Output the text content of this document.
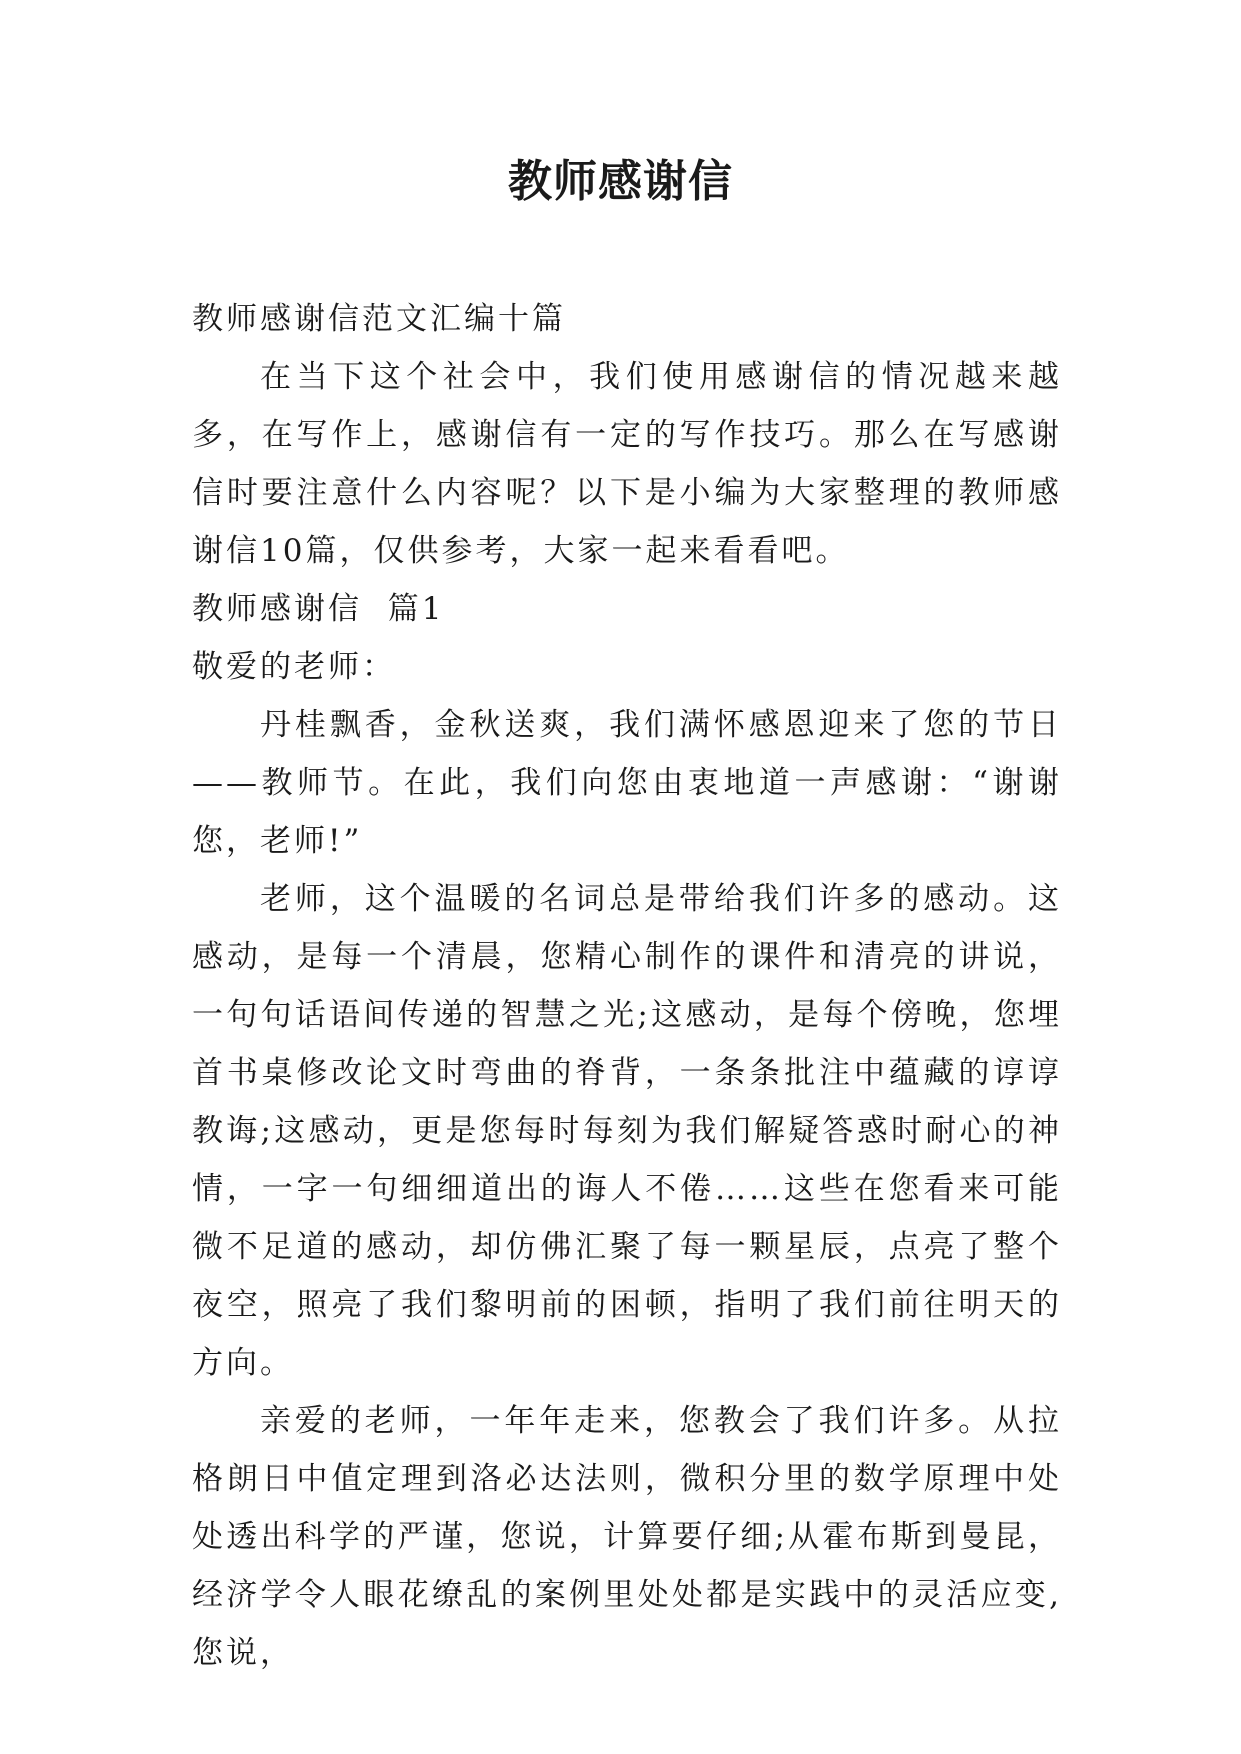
教师感谢信

教师感谢信范文汇编十篇

在当下这个社会中，我们使用感谢信的情况越来越多，在写作上，感谢信有一定的写作技巧。那么在写感谢信时要注意什么内容呢？以下是小编为大家整理的教师感谢信10篇，仅供参考，大家一起来看看吧。

教师感谢信  篇1

敬爱的老师：

丹桂飘香，金秋送爽，我们满怀感恩迎来了您的节日——教师节。在此，我们向您由衷地道一声感谢：“谢谢您，老师!”

老师，这个温暖的名词总是带给我们许多的感动。这感动，是每一个清晨，您精心制作的课件和清亮的讲说，一句句话语间传递的智慧之光;这感动，是每个傍晚，您埋首书桌修改论文时弯曲的脊背，一条条批注中蕴藏的谆谆教诲;这感动，更是您每时每刻为我们解疑答惑时耐心的神情，一字一句细细道出的诲人不倦……这些在您看来可能微不足道的感动，却仿佛汇聚了每一颗星辰，点亮了整个夜空，照亮了我们黎明前的困顿，指明了我们前往明天的方向。

亲爱的老师，一年年走来，您教会了我们许多。从拉格朗日中值定理到洛必达法则，微积分里的数学原理中处处透出科学的严谨，您说，计算要仔细;从霍布斯到曼昆，经济学令人眼花缭乱的案例里处处都是实践中的灵活应变,您说，
